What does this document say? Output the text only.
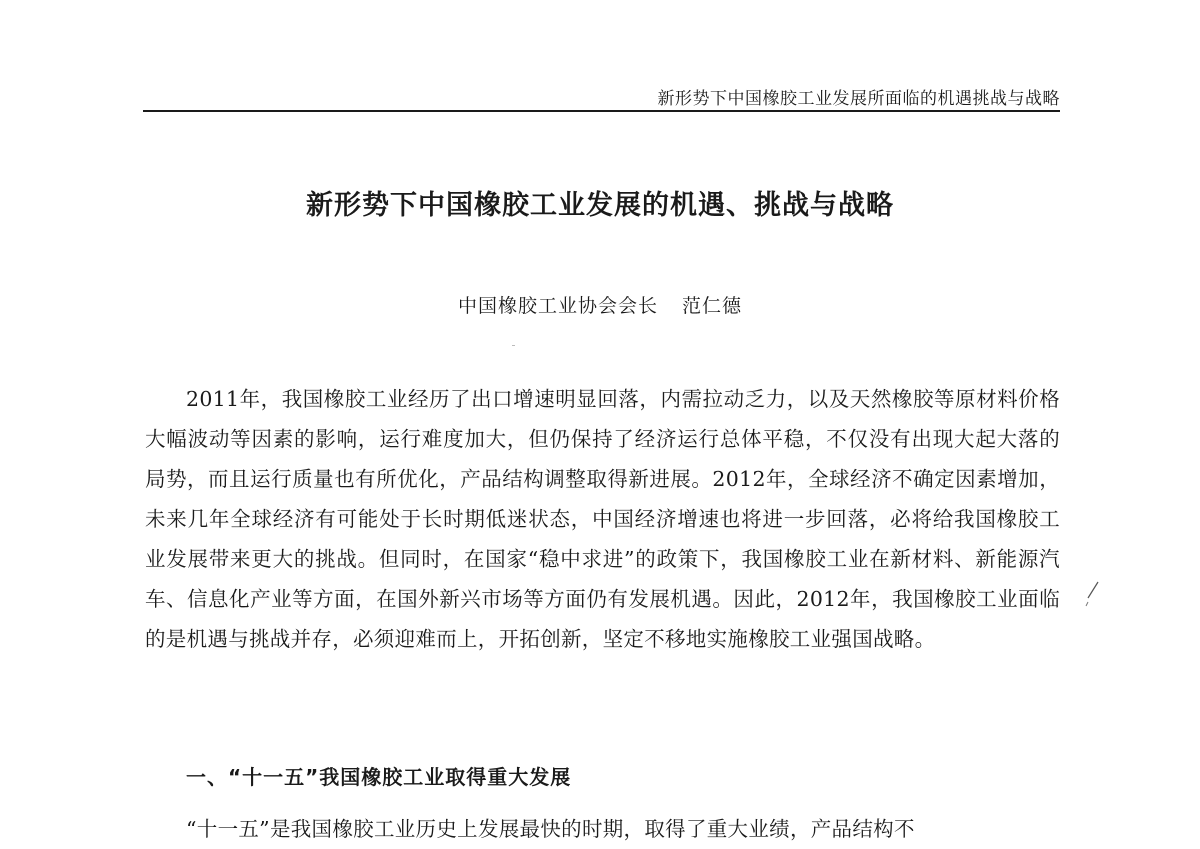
新形势下中国橡胶工业发展所面临的机遇挑战与战略
新形势下中国橡胶工业发展的机遇、挑战与战略
中国橡胶工业协会会长 范仁德
2011年，我国橡胶工业经历了出口增速明显回落，内需拉动乏力，以及天然橡胶等原材料价格大幅波动等因素的影响，运行难度加大，但仍保持了经济运行总体平稳，不仅没有出现大起大落的局势，而且运行质量也有所优化，产品结构调整取得新进展。2012年，全球经济不确定因素增加，未来几年全球经济有可能处于长时期低迷状态，中国经济增速也将进一步回落，必将给我国橡胶工业发展带来更大的挑战。但同时，在国家“稳中求进”的政策下，我国橡胶工业在新材料、新能源汽车、信息化产业等方面，在国外新兴市场等方面仍有发展机遇。因此，2012年，我国橡胶工业面临的是机遇与挑战并存，必须迎难而上，开拓创新，坚定不移地实施橡胶工业强国战略。
一、“十一五”我国橡胶工业取得重大发展
“十一五”是我国橡胶工业历史上发展最快的时期，取得了重大业绩，产品结构不
